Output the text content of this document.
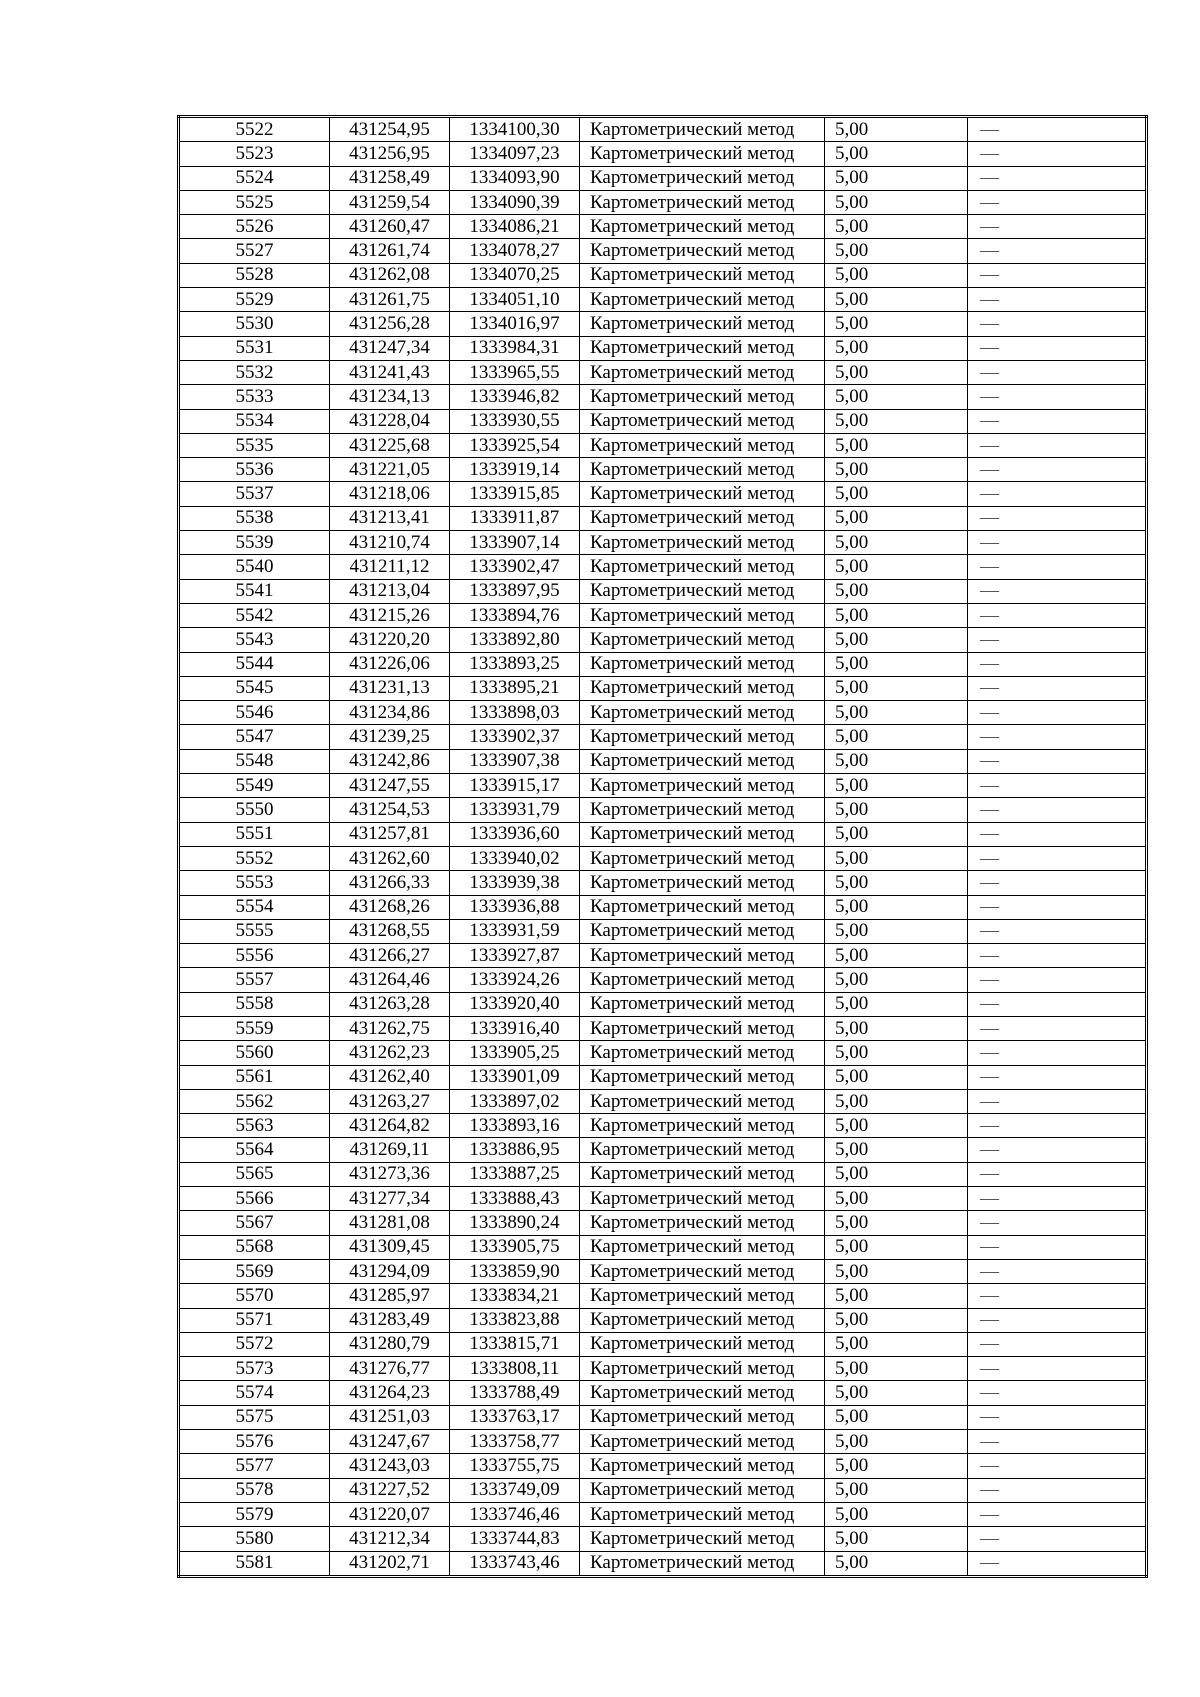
5522	431254,95	1334100,30	Картометрический метод	5,00	—
5523	431256,95	1334097,23	Картометрический метод	5,00	—
5524	431258,49	1334093,90	Картометрический метод	5,00	—
5525	431259,54	1334090,39	Картометрический метод	5,00	—
5526	431260,47	1334086,21	Картометрический метод	5,00	—
5527	431261,74	1334078,27	Картометрический метод	5,00	—
5528	431262,08	1334070,25	Картометрический метод	5,00	—
5529	431261,75	1334051,10	Картометрический метод	5,00	—
5530	431256,28	1334016,97	Картометрический метод	5,00	—
5531	431247,34	1333984,31	Картометрический метод	5,00	—
5532	431241,43	1333965,55	Картометрический метод	5,00	—
5533	431234,13	1333946,82	Картометрический метод	5,00	—
5534	431228,04	1333930,55	Картометрический метод	5,00	—
5535	431225,68	1333925,54	Картометрический метод	5,00	—
5536	431221,05	1333919,14	Картометрический метод	5,00	—
5537	431218,06	1333915,85	Картометрический метод	5,00	—
5538	431213,41	1333911,87	Картометрический метод	5,00	—
5539	431210,74	1333907,14	Картометрический метод	5,00	—
5540	431211,12	1333902,47	Картометрический метод	5,00	—
5541	431213,04	1333897,95	Картометрический метод	5,00	—
5542	431215,26	1333894,76	Картометрический метод	5,00	—
5543	431220,20	1333892,80	Картометрический метод	5,00	—
5544	431226,06	1333893,25	Картометрический метод	5,00	—
5545	431231,13	1333895,21	Картометрический метод	5,00	—
5546	431234,86	1333898,03	Картометрический метод	5,00	—
5547	431239,25	1333902,37	Картометрический метод	5,00	—
5548	431242,86	1333907,38	Картометрический метод	5,00	—
5549	431247,55	1333915,17	Картометрический метод	5,00	—
5550	431254,53	1333931,79	Картометрический метод	5,00	—
5551	431257,81	1333936,60	Картометрический метод	5,00	—
5552	431262,60	1333940,02	Картометрический метод	5,00	—
5553	431266,33	1333939,38	Картометрический метод	5,00	—
5554	431268,26	1333936,88	Картометрический метод	5,00	—
5555	431268,55	1333931,59	Картометрический метод	5,00	—
5556	431266,27	1333927,87	Картометрический метод	5,00	—
5557	431264,46	1333924,26	Картометрический метод	5,00	—
5558	431263,28	1333920,40	Картометрический метод	5,00	—
5559	431262,75	1333916,40	Картометрический метод	5,00	—
5560	431262,23	1333905,25	Картометрический метод	5,00	—
5561	431262,40	1333901,09	Картометрический метод	5,00	—
5562	431263,27	1333897,02	Картометрический метод	5,00	—
5563	431264,82	1333893,16	Картометрический метод	5,00	—
5564	431269,11	1333886,95	Картометрический метод	5,00	—
5565	431273,36	1333887,25	Картометрический метод	5,00	—
5566	431277,34	1333888,43	Картометрический метод	5,00	—
5567	431281,08	1333890,24	Картометрический метод	5,00	—
5568	431309,45	1333905,75	Картометрический метод	5,00	—
5569	431294,09	1333859,90	Картометрический метод	5,00	—
5570	431285,97	1333834,21	Картометрический метод	5,00	—
5571	431283,49	1333823,88	Картометрический метод	5,00	—
5572	431280,79	1333815,71	Картометрический метод	5,00	—
5573	431276,77	1333808,11	Картометрический метод	5,00	—
5574	431264,23	1333788,49	Картометрический метод	5,00	—
5575	431251,03	1333763,17	Картометрический метод	5,00	—
5576	431247,67	1333758,77	Картометрический метод	5,00	—
5577	431243,03	1333755,75	Картометрический метод	5,00	—
5578	431227,52	1333749,09	Картометрический метод	5,00	—
5579	431220,07	1333746,46	Картометрический метод	5,00	—
5580	431212,34	1333744,83	Картометрический метод	5,00	—
5581	431202,71	1333743,46	Картометрический метод	5,00	—
